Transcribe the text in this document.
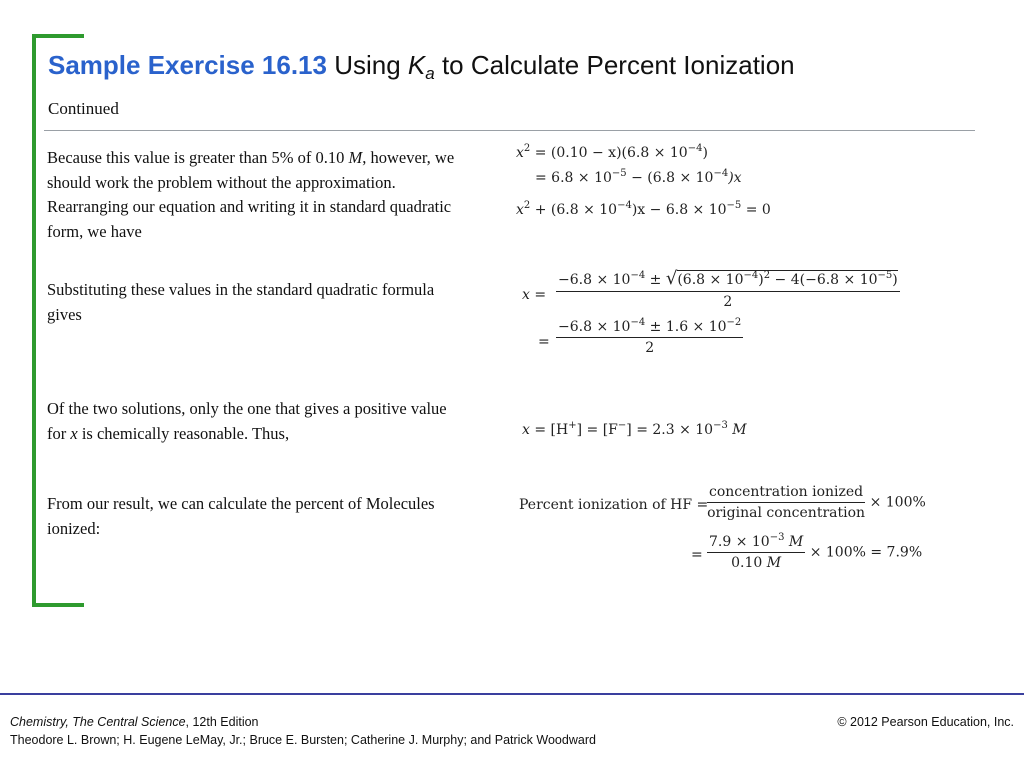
Sample Exercise 16.13 Using $K_a$ to Calculate Percent Ionization
Continued

Because this value is greater than 5% of 0.10 M, however, we should work the problem without the approximation. Rearranging our equation and writing it in standard quadratic form, we have

Substituting these values in the standard quadratic formula gives

Of the two solutions, only the one that gives a positive value for x is chemically reasonable. Thus,

From our result, we can calculate the percent of Molecules ionized:

$x^2 = (0.10 - x)(6.8 \times 10^{-4})$
= $6.8 \times 10^{-5} - (6.8 \times 10^{-4})x$
$x^2 + (6.8 \times 10^{-4})x - 6.8 \times 10^{-5} = 0$
$x = \frac{-6.8 \times 10^{-4} \pm √(6.8 \times 10^{-4})^2 - 4(-6.8 \times 10^{-5})}{2}$
= $\frac{-6.8 \times 10^{-4} \pm 1.6 \times 10^{-2}}{2}$
$x = [H^+] = [F^-] = 2.3 \times 10^{-3}$ M
Percent ionization of HF =
$\frac{\text{concentration ionized}}{\text{original concentration}} \times 100\%$
= $\frac{7.9 \times 10^{-3} M}{0.10 M} \times 100\% = 7.9\%$
Chemistry, The Central Science, 12th Edition
Theodore L. Brown; H. Eugene LeMay, Jr.; Bruce E. Bursten; Catherine J. Murphy; and Patrick Woodward
© 2012 Pearson Education, Inc.
